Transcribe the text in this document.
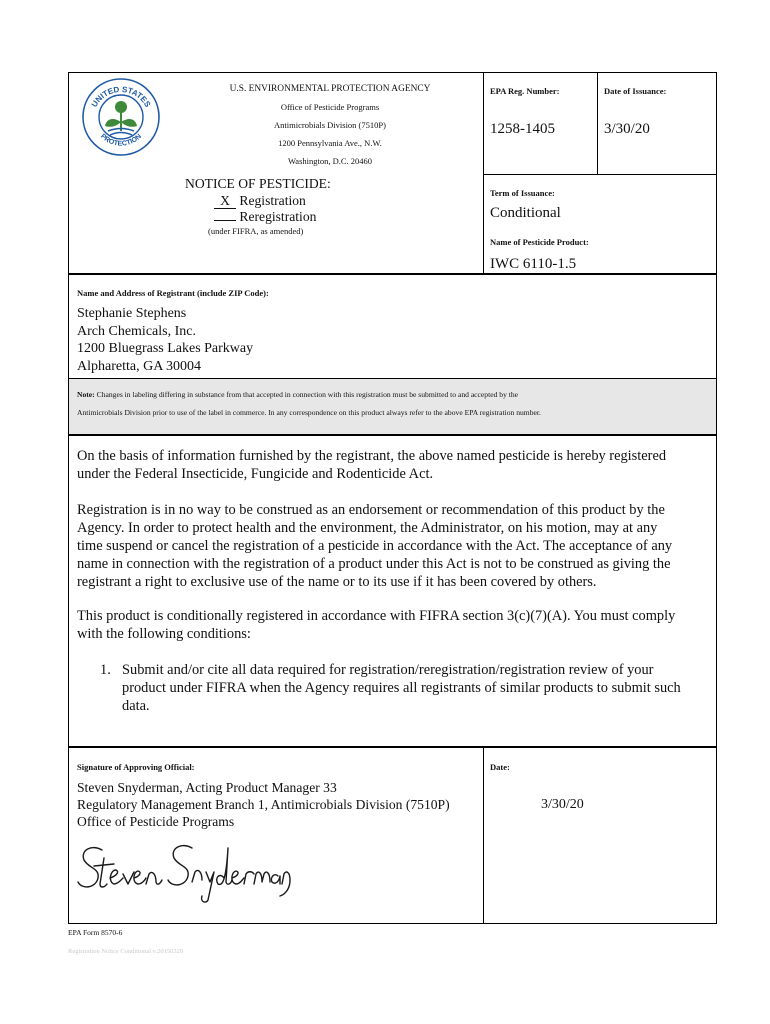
UNITED STATES
PROTECTION
U.S. ENVIRONMENTAL PROTECTION AGENCY
Office of Pesticide Programs
Antimicrobials Division (7510P)
1200 Pennsylvania Ave., N.W.
Washington, D.C. 20460
NOTICE OF PESTICIDE:
X Registration
Reregistration
(under FIFRA, as amended)
EPA Reg. Number:
1258-1405
Date of Issuance:
3/30/20
Term of Issuance:
Conditional
Name of Pesticide Product:
IWC 6110-1.5
Name and Address of Registrant (include ZIP Code):
Stephanie Stephens
Arch Chemicals, Inc.
1200 Bluegrass Lakes Parkway
Alpharetta, GA 30004
Note: Changes in labeling differing in substance from that accepted in connection with this registration must be submitted to and accepted by the
Antimicrobials Division prior to use of the label in commerce. In any correspondence on this product always refer to the above EPA registration number.
On the basis of information furnished by the registrant, the above named pesticide is hereby registered
under the Federal Insecticide, Fungicide and Rodenticide Act.
Registration is in no way to be construed as an endorsement or recommendation of this product by the
Agency. In order to protect health and the environment, the Administrator, on his motion, may at any
time suspend or cancel the registration of a pesticide in accordance with the Act. The acceptance of any
name in connection with the registration of a product under this Act is not to be construed as giving the
registrant a right to exclusive use of the name or to its use if it has been covered by others.
This product is conditionally registered in accordance with FIFRA section 3(c)(7)(A). You must comply
with the following conditions:
1. Submit and/or cite all data required for registration/reregistration/registration review of your
product under FIFRA when the Agency requires all registrants of similar products to submit such
data.
Signature of Approving Official:
Steven Snyderman, Acting Product Manager 33
Regulatory Management Branch 1, Antimicrobials Division (7510P)
Office of Pesticide Programs
Steven Snyderman
Date:
3/30/20
EPA Form 8570-6
Registration Notice Conditional v.20150320
